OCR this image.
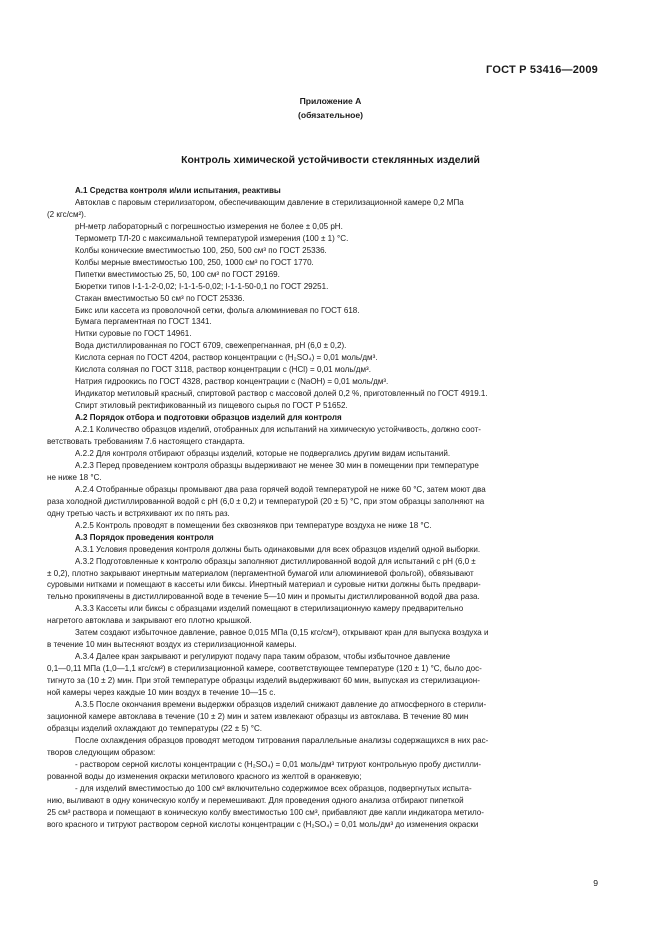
ГОСТ Р 53416—2009
Приложение А
(обязательное)
Контроль химической устойчивости стеклянных изделий

А.1 Средства контроля и/или испытания, реактивы

Автоклав с паровым стерилизатором, обеспечивающим давление в стерилизационной камере 0,2 МПа

(2 кгс/см²).

pH-метр лабораторный с погрешностью измерения не более ± 0,05 pH.

Термометр ТЛ-20 с максимальной температурой измерения (100 ± 1) °С.

Колбы конические вместимостью 100, 250, 500 см³ по ГОСТ 25336.

Колбы мерные вместимостью 100, 250, 1000 см³ по ГОСТ 1770.

Пипетки вместимостью 25, 50, 100 см³ по ГОСТ 29169.

Бюретки типов I-1-1-2-0,02; I-1-1-5-0,02; I-1-1-50-0,1 по ГОСТ 29251.

Стакан вместимостью 50 см³ по ГОСТ 25336.

Бикс или кассета из проволочной сетки, фольга алюминиевая по ГОСТ 618.

Бумага пергаментная по ГОСТ 1341.

Нитки суровые по ГОСТ 14961.

Вода дистиллированная по ГОСТ 6709, свежепрегнанная, pH (6,0 ± 0,2).

Кислота серная по ГОСТ 4204, раствор концентрации с (H₂SO₄) = 0,01 моль/дм³.

Кислота соляная по ГОСТ 3118, раствор концентрации с (HCl) = 0,01 моль/дм³.

Натрия гидроокись по ГОСТ 4328, раствор концентрации с (NaOH) = 0,01 моль/дм³.

Индикатор метиловый красный, спиртовой раствор с массовой долей 0,2 %, приготовленный по ГОСТ 4919.1.

Спирт этиловый ректификованный из пищевого сырья по ГОСТ Р 51652.

А.2 Порядок отбора и подготовки образцов изделий для контроля

А.2.1 Количество образцов изделий, отобранных для испытаний на химическую устойчивость, должно соот-

ветствовать требованиям 7.6 настоящего стандарта.

А.2.2 Для контроля отбирают образцы изделий, которые не подвергались другим видам испытаний.

А.2.3 Перед проведением контроля образцы выдерживают не менее 30 мин в помещении при температуре

не ниже 18 °С.

А.2.4 Отобранные образцы промывают два раза горячей водой температурой не ниже 60 °С, затем моют два

раза холодной дистиллированной водой с pH (6,0 ± 0,2) и температурой (20 ± 5) °С, при этом образцы заполняют на

одну третью часть и встряхивают их по пять раз.

А.2.5 Контроль проводят в помещении без сквозняков при температуре воздуха не ниже 18 °С.

А.3 Порядок проведения контроля

А.3.1 Условия проведения контроля должны быть одинаковыми для всех образцов изделий одной выборки.

А.3.2 Подготовленные к контролю образцы заполняют дистиллированной водой для испытаний с pH (6,0 ±

± 0,2), плотно закрывают инертным материалом (пергаментной бумагой или алюминиевой фольгой), обвязывают

суровыми нитками и помещают в кассеты или биксы. Инертный материал и суровые нитки должны быть предвари-

тельно прокипячены в дистиллированной воде в течение 5—10 мин и промыты дистиллированной водой два раза.

А.3.3 Кассеты или биксы с образцами изделий помещают в стерилизационную камеру предварительно

нагретого автоклава и закрывают его плотно крышкой.

Затем создают избыточное давление, равное 0,015 МПа (0,15 кгс/см²), открывают кран для выпуска воздуха и

в течение 10 мин вытесняют воздух из стерилизационной камеры.

А.3.4 Далее кран закрывают и регулируют подачу пара таким образом, чтобы избыточное давление

0,1—0,11 МПа (1,0—1,1 кгс/см²) в стерилизационной камере, соответствующее температуре (120 ± 1) °С, было дос-

тигнуто за (10 ± 2) мин. При этой температуре образцы изделий выдерживают 60 мин, выпуская из стерилизацион-

ной камеры через каждые 10 мин воздух в течение 10—15 с.

А.3.5 После окончания времени выдержки образцов изделий снижают давление до атмосферного в стерили-

зационной камере автоклава в течение (10 ± 2) мин и затем извлекают образцы из автоклава. В течение 80 мин

образцы изделий охлаждают до температуры (22 ± 5) °С.

После охлаждения образцов проводят методом титрования параллельные анализы содержащихся в них рас-

творов следующим образом:

- раствором серной кислоты концентрации с (H₂SO₄) = 0,01 моль/дм³ титруют контрольную пробу дистилли-

рованной воды до изменения окраски метилового красного из желтой в оранжевую;

- для изделий вместимостью до 100 см³ включительно содержимое всех образцов, подвергнутых испыта-

нию, выливают в одну коническую колбу и перемешивают. Для проведения одного анализа отбирают пипеткой

25 см³ раствора и помещают в коническую колбу вместимостью 100 см³, прибавляют две капли индикатора метило-

вого красного и титруют раствором серной кислоты концентрации с (H₂SO₄) = 0,01 моль/дм³ до изменения окраски

9
